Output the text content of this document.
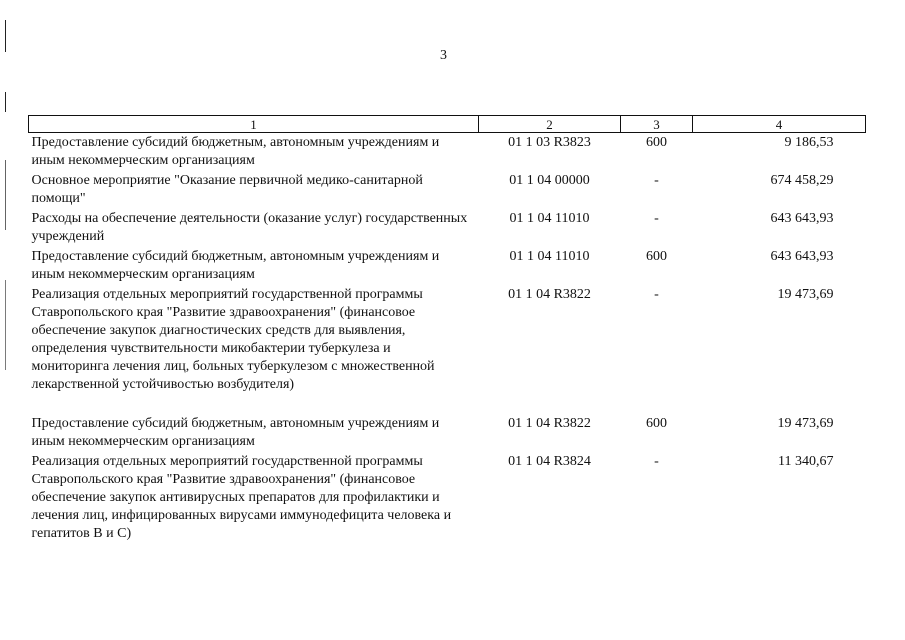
3
1	2	3	4
Предоставление субсидий бюджетным, автономным учреждениям и иным некоммерческим организациям	01 1 03 R3823	600	9 186,53
Основное мероприятие "Оказание первичной медико-санитарной помощи"	01 1 04 00000	-	674 458,29
Расходы на обеспечение деятельности (оказание услуг) государственных учреждений	01 1 04 11010	-	643 643,93
Предоставление субсидий бюджетным, автономным учреждениям и иным некоммерческим организациям	01 1 04 11010	600	643 643,93
Реализация отдельных мероприятий государственной программы Ставропольского края "Развитие здравоохранения" (финансовое обеспечение закупок диагностических средств для выявления, определения чувствительности микобактерии туберкулеза и мониторинга лечения лиц, больных туберкулезом с множественной лекарственной устойчивостью возбудителя)	01 1 04 R3822	-	19 473,69
Предоставление субсидий бюджетным, автономным учреждениям и иным некоммерческим организациям	01 1 04 R3822	600	19 473,69
Реализация отдельных мероприятий государственной программы Ставропольского края "Развитие здравоохранения" (финансовое обеспечение закупок антивирусных препаратов для профилактики и лечения лиц, инфицированных вирусами иммунодефицита человека и гепатитов В и С)	01 1 04 R3824	-	11 340,67
